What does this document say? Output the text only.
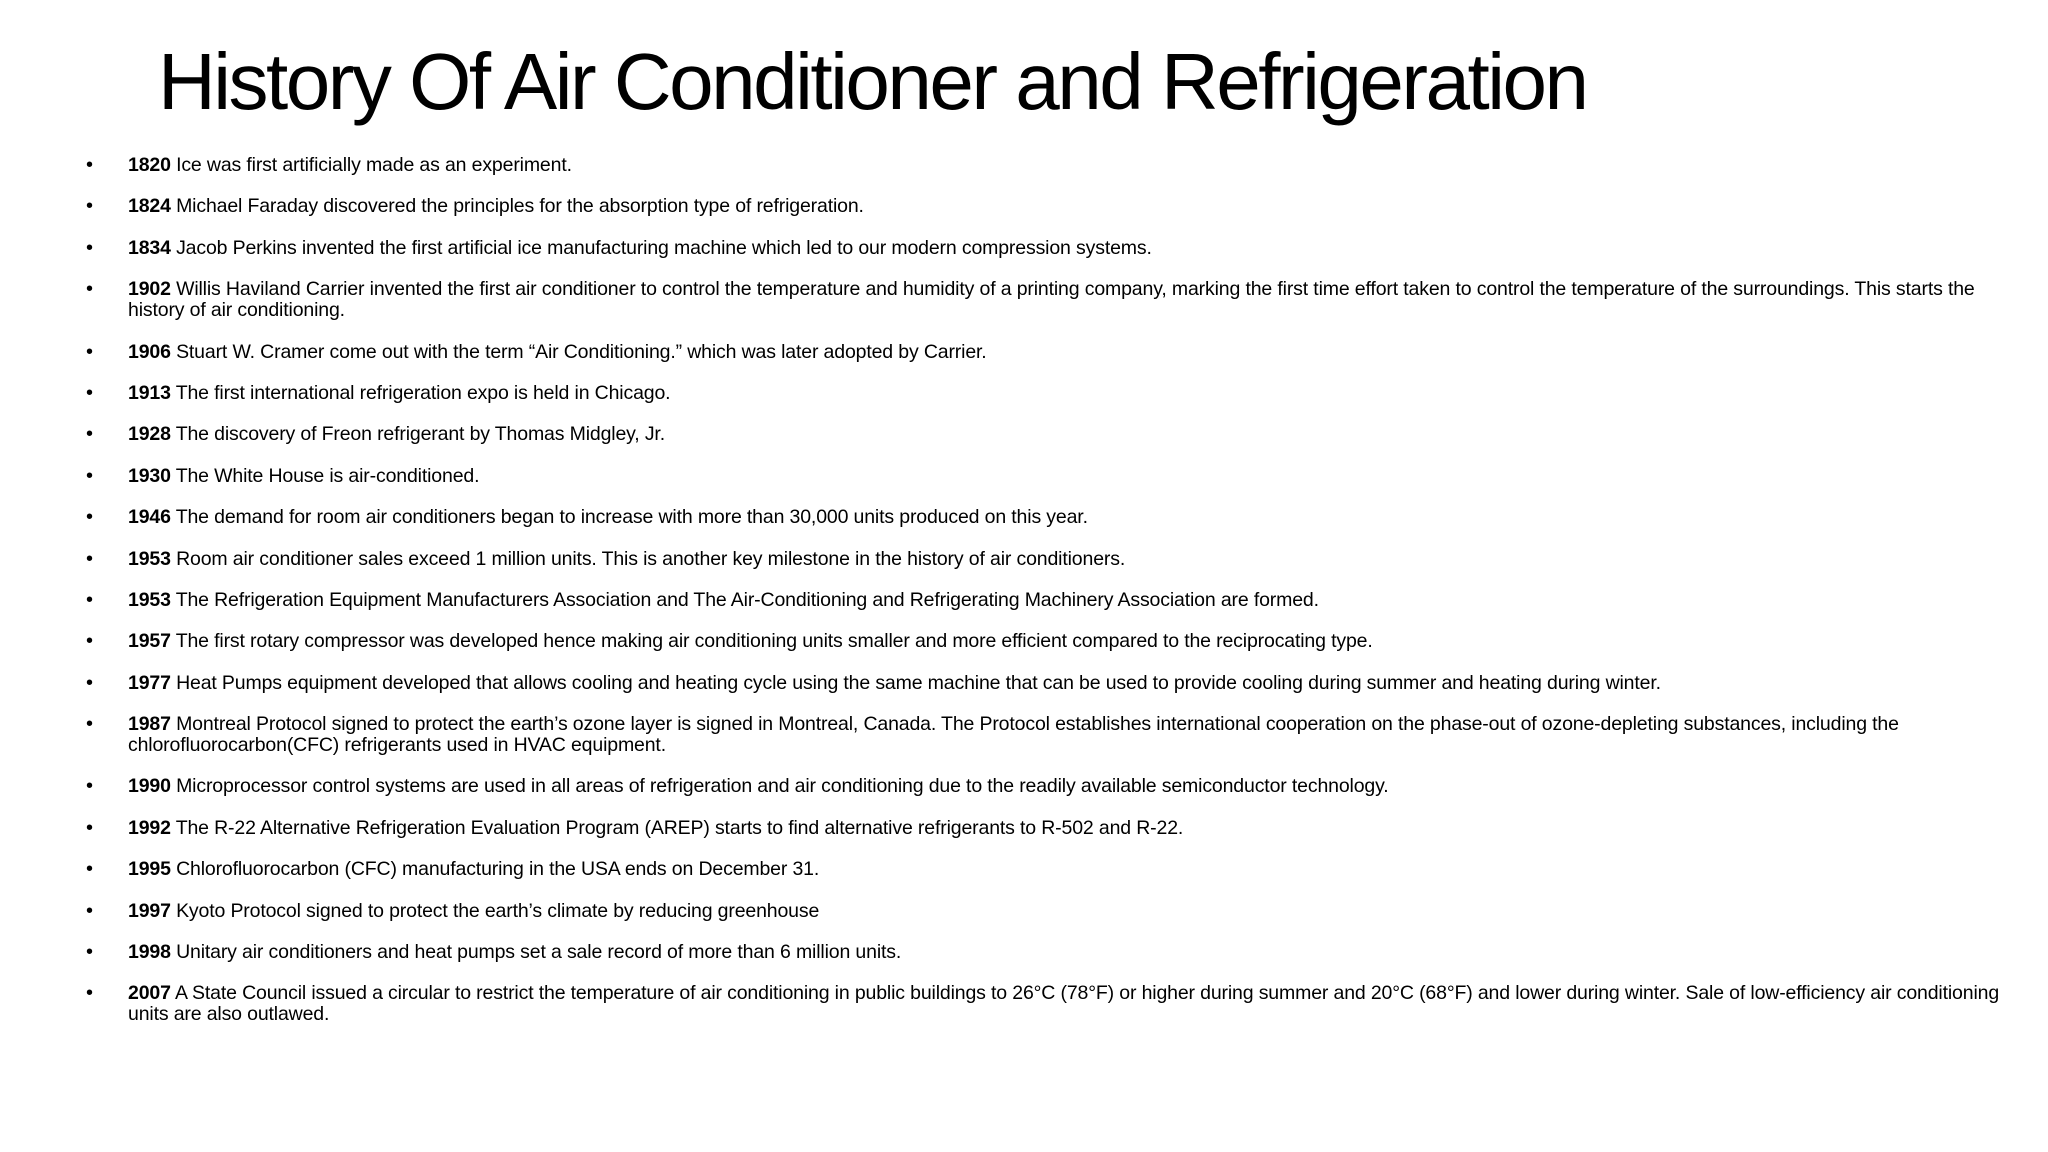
History Of Air Conditioner and Refrigeration
• 1820 Ice was first artificially made as an experiment.
• 1824 Michael Faraday discovered the principles for the absorption type of refrigeration.
• 1834 Jacob Perkins invented the first artificial ice manufacturing machine which led to our modern compression systems.
• 1902 Willis Haviland Carrier invented the first air conditioner to control the temperature and humidity of a printing company, marking the first time effort taken to control the temperature of the surroundings. This starts the history of air conditioning.
• 1906 Stuart W. Cramer come out with the term “Air Conditioning.” which was later adopted by Carrier.
• 1913 The first international refrigeration expo is held in Chicago.
• 1928 The discovery of Freon refrigerant by Thomas Midgley, Jr.
• 1930 The White House is air-conditioned.
• 1946 The demand for room air conditioners began to increase with more than 30,000 units produced on this year.
• 1953 Room air conditioner sales exceed 1 million units. This is another key milestone in the history of air conditioners.
• 1953 The Refrigeration Equipment Manufacturers Association and The Air-Conditioning and Refrigerating Machinery Association are formed.
• 1957 The first rotary compressor was developed hence making air conditioning units smaller and more efficient compared to the reciprocating type.
• 1977 Heat Pumps equipment developed that allows cooling and heating cycle using the same machine that can be used to provide cooling during summer and heating during winter.
• 1987 Montreal Protocol signed to protect the earth’s ozone layer is signed in Montreal, Canada. The Protocol establishes international cooperation on the phase-out of ozone-depleting substances, including the chlorofluorocarbon(CFC) refrigerants used in HVAC equipment.
• 1990 Microprocessor control systems are used in all areas of refrigeration and air conditioning due to the readily available semiconductor technology.
• 1992 The R-22 Alternative Refrigeration Evaluation Program (AREP) starts to find alternative refrigerants to R-502 and R-22.
• 1995 Chlorofluorocarbon (CFC) manufacturing in the USA ends on December 31.
• 1997 Kyoto Protocol signed to protect the earth’s climate by reducing greenhouse
• 1998 Unitary air conditioners and heat pumps set a sale record of more than 6 million units.
• 2007 A State Council issued a circular to restrict the temperature of air conditioning in public buildings to 26°C (78°F) or higher during summer and 20°C (68°F) and lower during winter. Sale of low-efficiency air conditioning units are also outlawed.
